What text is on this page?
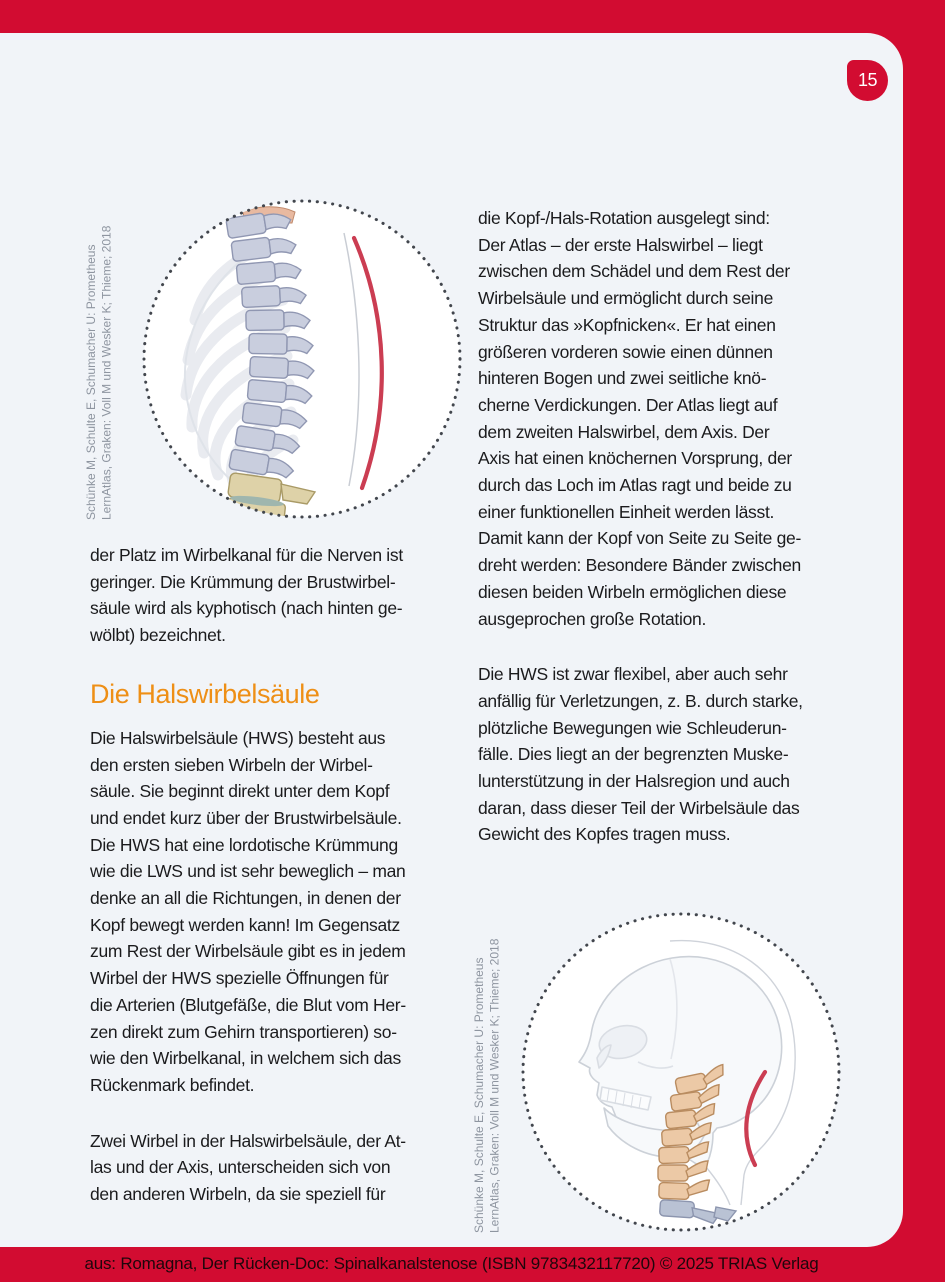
Schünke M, Schulte E, Schumacher U: Prometheus LernAtlas, Graken: Voll M und Wesker K; Thieme; 2018
der Platz im Wirbelkanal für die Nerven ist
geringer. Die Krümmung der Brustwirbel-
säule wird als kyphotisch (nach hinten ge-
wölbt) bezeichnet.
Die Halswirbelsäule
Die Halswirbelsäule (HWS) besteht aus
den ersten sieben Wirbeln der Wirbel-
säule. Sie beginnt direkt unter dem Kopf
und endet kurz über der Brustwirbelsäule.
Die HWS hat eine lordotische Krümmung
wie die LWS und ist sehr beweglich – man
denke an all die Richtungen, in denen der
Kopf bewegt werden kann! Im Gegensatz
zum Rest der Wirbelsäule gibt es in jedem
Wirbel der HWS spezielle Öffnungen für
die Arterien (Blutgefäße, die Blut vom Her-
zen direkt zum Gehirn transportieren) so-
wie den Wirbelkanal, in welchem sich das
Rückenmark befindet.
Zwei Wirbel in der Halswirbelsäule, der At-
las und der Axis, unterscheiden sich von
den anderen Wirbeln, da sie speziell für
die Kopf-/Hals-Rotation ausgelegt sind:
Der Atlas – der erste Halswirbel – liegt
zwischen dem Schädel und dem Rest der
Wirbelsäule und ermöglicht durch seine
Struktur das »Kopfnicken«. Er hat einen
größeren vorderen sowie einen dünnen
hinteren Bogen und zwei seitliche knö-
cherne Verdickungen. Der Atlas liegt auf
dem zweiten Halswirbel, dem Axis. Der
Axis hat einen knöchernen Vorsprung, der
durch das Loch im Atlas ragt und beide zu
einer funktionellen Einheit werden lässt.
Damit kann der Kopf von Seite zu Seite ge-
dreht werden: Besondere Bänder zwischen
diesen beiden Wirbeln ermöglichen diese
ausgeprochen große Rotation.
Die HWS ist zwar flexibel, aber auch sehr
anfällig für Verletzungen, z. B. durch starke,
plötzliche Bewegungen wie Schleuderun-
fälle. Dies liegt an der begrenzten Muske-
lunterstützung in der Halsregion und auch
daran, dass dieser Teil der Wirbelsäule das
Gewicht des Kopfes tragen muss.
Schünke M, Schulte E, Schumacher U: Prometheus LernAtlas, Graken: Voll M und Wesker K; Thieme; 2018
15
aus: Romagna, Der Rücken-Doc: Spinalkanalstenose (ISBN 9783432117720) © 2025 TRIAS Verlag
